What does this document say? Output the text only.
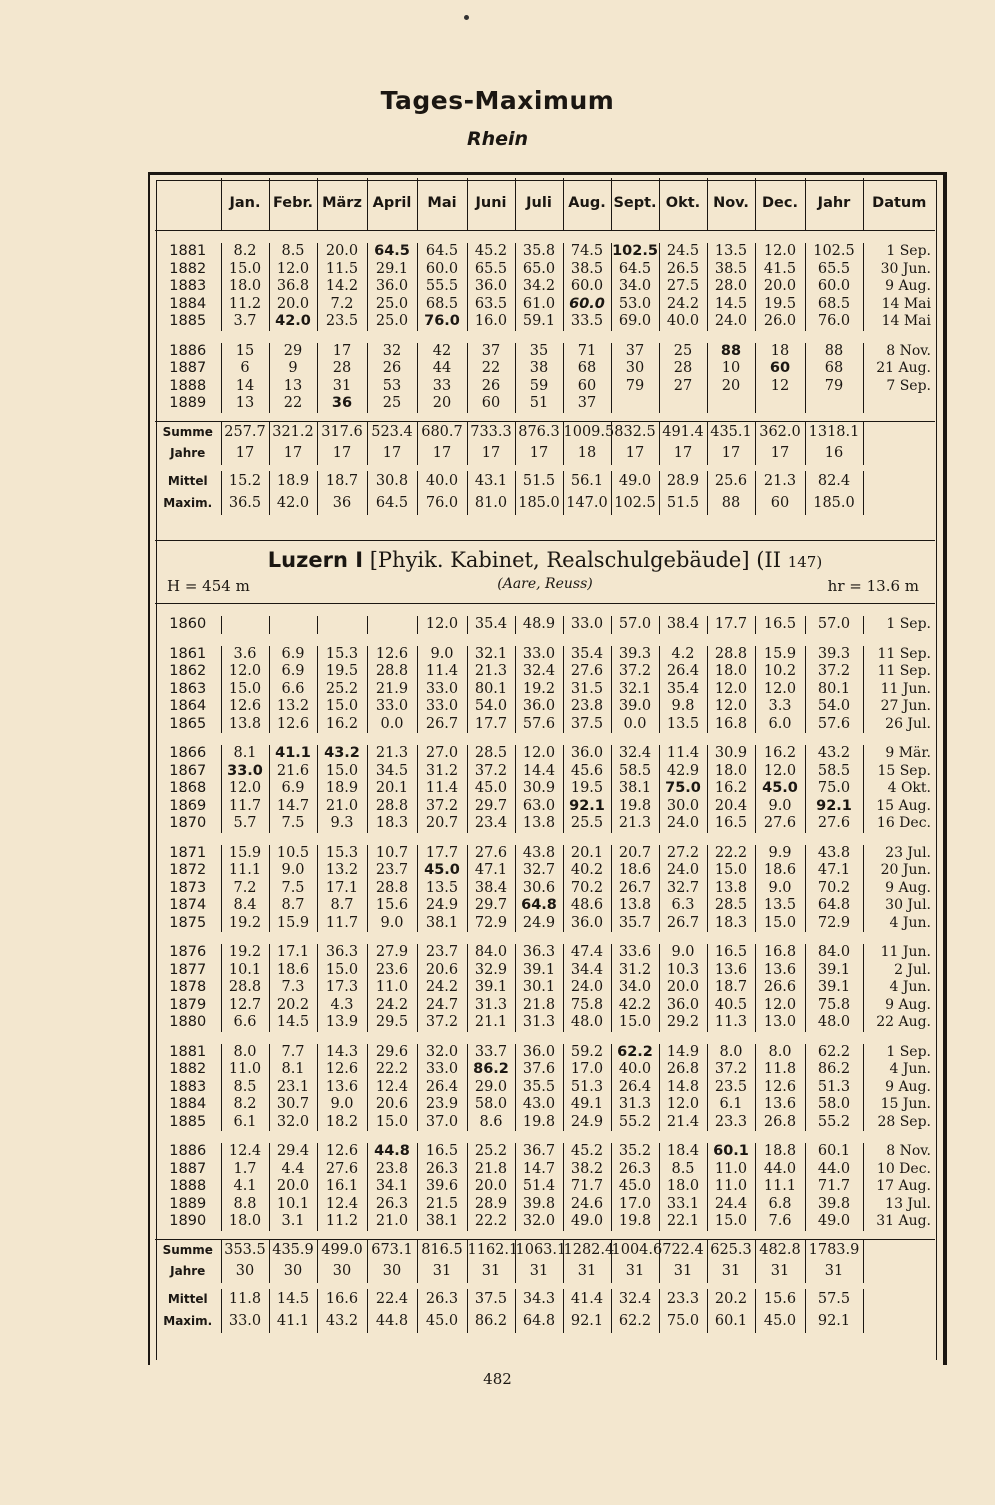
Tages-Maximum
Rhein
	Jan.	Febr.	März	April	Mai	Juni	Juli	Aug.	Sept.	Okt.	Nov.	Dec.	Jahr	Datum

1881	8.2	8.5	20.0	64.5	64.5	45.2	35.8	74.5	102.5	24.5	13.5	12.0	102.5	1 Sep.
1882	15.0	12.0	11.5	29.1	60.0	65.5	65.0	38.5	64.5	26.5	38.5	41.5	65.5	30 Jun.
1883	18.0	36.8	14.2	36.0	55.5	36.0	34.2	60.0	34.0	27.5	28.0	20.0	60.0	9 Aug.
1884	11.2	20.0	7.2	25.0	68.5	63.5	61.0	60.0	53.0	24.2	14.5	19.5	68.5	14 Mai
1885	3.7	42.0	23.5	25.0	76.0	16.0	59.1	33.5	69.0	40.0	24.0	26.0	76.0	14 Mai

1886	15	29	17	32	42	37	35	71	37	25	88	18	88	8 Nov.
1887	6	9	28	26	44	22	38	68	30	28	10	60	68	21 Aug.
1888	14	13	31	53	33	26	59	60	79	27	20	12	79	7 Sep.
1889	13	22	36	25	20	60	51	37						

Summe	257.7	321.2	317.6	523.4	680.7	733.3	876.3	1009.5	832.5	491.4	435.1	362.0	1318.1	
Jahre	17	17	17	17	17	17	17	18	17	17	17	17	16	

Mittel	15.2	18.9	18.7	30.8	40.0	43.1	51.5	56.1	49.0	28.9	25.6	21.3	82.4	
Maxim.	36.5	42.0	36	64.5	76.0	81.0	185.0	147.0	102.5	51.5	88	60	185.0	
Luzern I [Phyik. Kabinet, Realschulgebäude] (II 147)
H = 454 m	(Aare, Reuss)	hr = 13.6 m

1860					12.0	35.4	48.9	33.0	57.0	38.4	17.7	16.5	57.0	1 Sep.

1861	3.6	6.9	15.3	12.6	9.0	32.1	33.0	35.4	39.3	4.2	28.8	15.9	39.3	11 Sep.
1862	12.0	6.9	19.5	28.8	11.4	21.3	32.4	27.6	37.2	26.4	18.0	10.2	37.2	11 Sep.
1863	15.0	6.6	25.2	21.9	33.0	80.1	19.2	31.5	32.1	35.4	12.0	12.0	80.1	11 Jun.
1864	12.6	13.2	15.0	33.0	33.0	54.0	36.0	23.8	39.0	9.8	12.0	3.3	54.0	27 Jun.
1865	13.8	12.6	16.2	0.0	26.7	17.7	57.6	37.5	0.0	13.5	16.8	6.0	57.6	26 Jul.

1866	8.1	41.1	43.2	21.3	27.0	28.5	12.0	36.0	32.4	11.4	30.9	16.2	43.2	9 Mär.
1867	33.0	21.6	15.0	34.5	31.2	37.2	14.4	45.6	58.5	42.9	18.0	12.0	58.5	15 Sep.
1868	12.0	6.9	18.9	20.1	11.4	45.0	30.9	19.5	38.1	75.0	16.2	45.0	75.0	4 Okt.
1869	11.7	14.7	21.0	28.8	37.2	29.7	63.0	92.1	19.8	30.0	20.4	9.0	92.1	15 Aug.
1870	5.7	7.5	9.3	18.3	20.7	23.4	13.8	25.5	21.3	24.0	16.5	27.6	27.6	16 Dec.

1871	15.9	10.5	15.3	10.7	17.7	27.6	43.8	20.1	20.7	27.2	22.2	9.9	43.8	23 Jul.
1872	11.1	9.0	13.2	23.7	45.0	47.1	32.7	40.2	18.6	24.0	15.0	18.6	47.1	20 Jun.
1873	7.2	7.5	17.1	28.8	13.5	38.4	30.6	70.2	26.7	32.7	13.8	9.0	70.2	9 Aug.
1874	8.4	8.7	8.7	15.6	24.9	29.7	64.8	48.6	13.8	6.3	28.5	13.5	64.8	30 Jul.
1875	19.2	15.9	11.7	9.0	38.1	72.9	24.9	36.0	35.7	26.7	18.3	15.0	72.9	4 Jun.

1876	19.2	17.1	36.3	27.9	23.7	84.0	36.3	47.4	33.6	9.0	16.5	16.8	84.0	11 Jun.
1877	10.1	18.6	15.0	23.6	20.6	32.9	39.1	34.4	31.2	10.3	13.6	13.6	39.1	2 Jul.
1878	28.8	7.3	17.3	11.0	24.2	39.1	30.1	24.0	34.0	20.0	18.7	26.6	39.1	4 Jun.
1879	12.7	20.2	4.3	24.2	24.7	31.3	21.8	75.8	42.2	36.0	40.5	12.0	75.8	9 Aug.
1880	6.6	14.5	13.9	29.5	37.2	21.1	31.3	48.0	15.0	29.2	11.3	13.0	48.0	22 Aug.

1881	8.0	7.7	14.3	29.6	32.0	33.7	36.0	59.2	62.2	14.9	8.0	8.0	62.2	1 Sep.
1882	11.0	8.1	12.6	22.2	33.0	86.2	37.6	17.0	40.0	26.8	37.2	11.8	86.2	4 Jun.
1883	8.5	23.1	13.6	12.4	26.4	29.0	35.5	51.3	26.4	14.8	23.5	12.6	51.3	9 Aug.
1884	8.2	30.7	9.0	20.6	23.9	58.0	43.0	49.1	31.3	12.0	6.1	13.6	58.0	15 Jun.
1885	6.1	32.0	18.2	15.0	37.0	8.6	19.8	24.9	55.2	21.4	23.3	26.8	55.2	28 Sep.

1886	12.4	29.4	12.6	44.8	16.5	25.2	36.7	45.2	35.2	18.4	60.1	18.8	60.1	8 Nov.
1887	1.7	4.4	27.6	23.8	26.3	21.8	14.7	38.2	26.3	8.5	11.0	44.0	44.0	10 Dec.
1888	4.1	20.0	16.1	34.1	39.6	20.0	51.4	71.7	45.0	18.0	11.0	11.1	71.7	17 Aug.
1889	8.8	10.1	12.4	26.3	21.5	28.9	39.8	24.6	17.0	33.1	24.4	6.8	39.8	13 Jul.
1890	18.0	3.1	11.2	21.0	38.1	22.2	32.0	49.0	19.8	22.1	15.0	7.6	49.0	31 Aug.

Summe	353.5	435.9	499.0	673.1	816.5	1162.1	1063.1	1282.4	1004.6	722.4	625.3	482.8	1783.9	
Jahre	30	30	30	30	31	31	31	31	31	31	31	31	31	

Mittel	11.8	14.5	16.6	22.4	26.3	37.5	34.3	41.4	32.4	23.3	20.2	15.6	57.5	
Maxim.	33.0	41.1	43.2	44.8	45.0	86.2	64.8	92.1	62.2	75.0	60.1	45.0	92.1	
482
